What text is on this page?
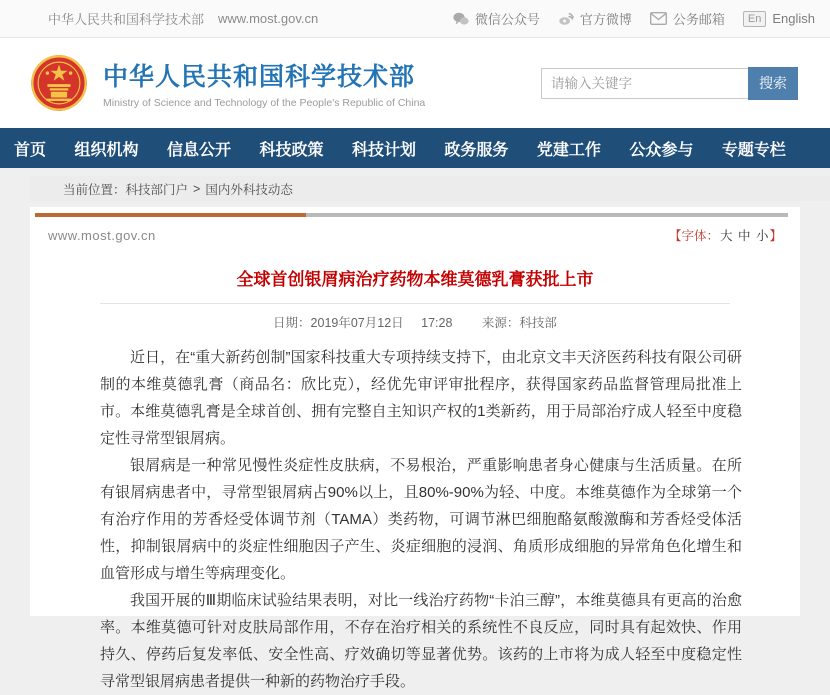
中华人民共和国科学技术部 www.most.gov.cn	微信公众号	官方微博	公务邮箱	En English
中华人民共和国科学技术部
Ministry of Science and Technology of the People's Republic of China
请输入关键字
搜索
首页 组织机构 信息公开 科技政策 科技计划 政务服务 党建工作 公众参与 专题专栏
当前位置： 科技部门户 > 国内外科技动态
www.most.gov.cn	【字体：大 中 小】
全球首创银屑病治疗药物本维莫德乳膏获批上市
日期：2019年07月12日 17:28 来源：科技部

近日，在“重大新药创制”国家科技重大专项持续支持下，由北京文丰天济医药科技有限公司研制的本维莫德乳膏（商品名：欣比克），经优先审评审批程序，获得国家药品监督管理局批准上市。本维莫德乳膏是全球首创、拥有完整自主知识产权的1类新药，用于局部治疗成人轻至中度稳定性寻常型银屑病。

银屑病是一种常见慢性炎症性皮肤病，不易根治，严重影响患者身心健康与生活质量。在所有银屑病患者中，寻常型银屑病占90%以上，且80%-90%为轻、中度。本维莫德作为全球第一个有治疗作用的芳香烃受体调节剂（TAMA）类药物，可调节淋巴细胞酪氨酸激酶和芳香烃受体活性，抑制银屑病中的炎症性细胞因子产生、炎症细胞的浸润、角质形成细胞的异常角色化增生和血管形成与增生等病理变化。

我国开展的Ⅲ期临床试验结果表明，对比一线治疗药物“卡泊三醇”，本维莫德具有更高的治愈率。本维莫德可针对皮肤局部作用，不存在治疗相关的系统性不良反应，同时具有起效快、作用持久、停药后复发率低、安全性高、疗效确切等显著优势。该药的上市将为成人轻至中度稳定性寻常型银屑病患者提供一种新的药物治疗手段。
